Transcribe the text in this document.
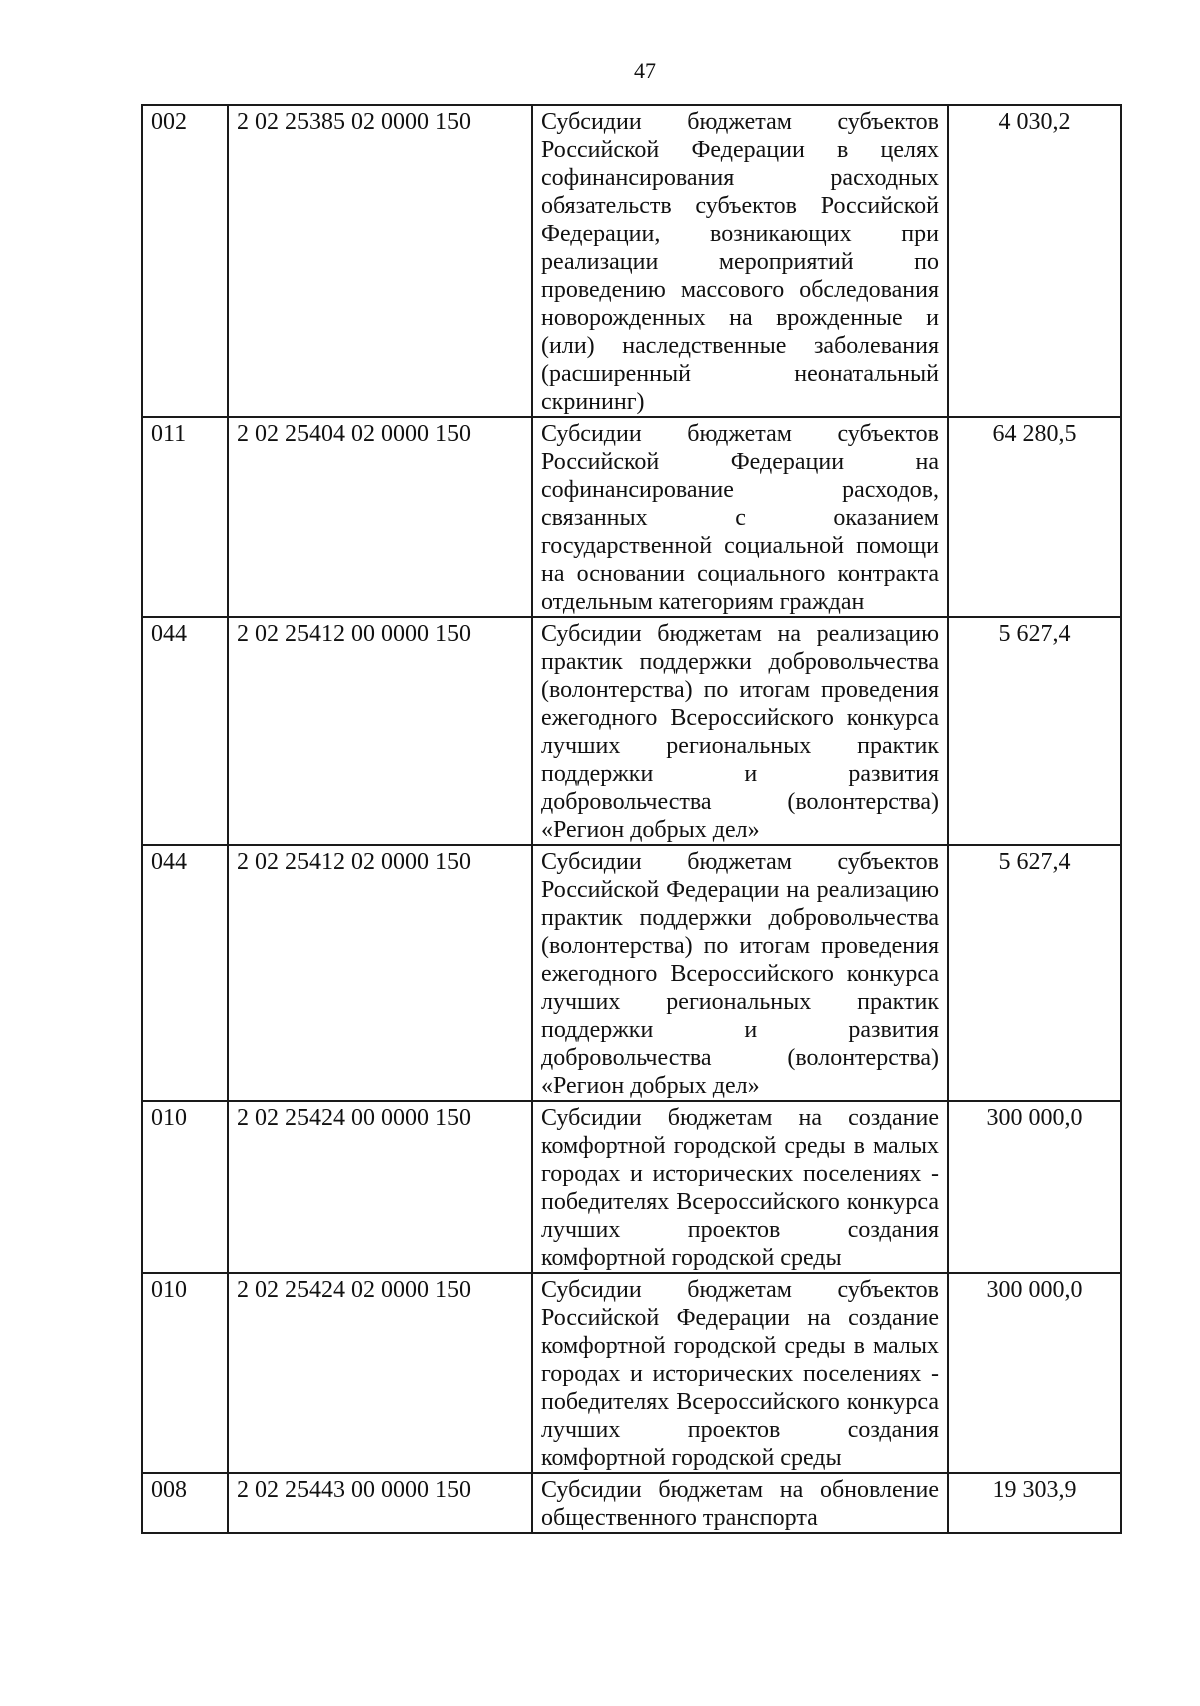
47
002	2 02 25385 02 0000 150	Субсидии бюджетам субъектов Российской Федерации в целях софинансирования расходных обязательств субъектов Российской Федерации, возникающих при реализации мероприятий по проведению массового обследования новорожденных на врожденные и (или) наследственные заболевания (расширенный неонатальный скрининг)	4 030,2
011	2 02 25404 02 0000 150	Субсидии бюджетам субъектов Российской Федерации на софинансирование расходов, связанных с оказанием государственной социальной помощи на основании социального контракта отдельным категориям граждан	64 280,5
044	2 02 25412 00 0000 150	Субсидии бюджетам на реализацию практик поддержки добровольчества (волонтерства) по итогам проведения ежегодного Всероссийского конкурса лучших региональных практик поддержки и развития добровольчества (волонтерства) «Регион добрых дел»	5 627,4
044	2 02 25412 02 0000 150	Субсидии бюджетам субъектов Российской Федерации на реализацию практик поддержки добровольчества (волонтерства) по итогам проведения ежегодного Всероссийского конкурса лучших региональных практик поддержки и развития добровольчества (волонтерства) «Регион добрых дел»	5 627,4
010	2 02 25424 00 0000 150	Субсидии бюджетам на создание комфортной городской среды в малых городах и исторических поселениях - победителях Всероссийского конкурса лучших проектов создания комфортной городской среды	300 000,0
010	2 02 25424 02 0000 150	Субсидии бюджетам субъектов Российской Федерации на создание комфортной городской среды в малых городах и исторических поселениях - победителях Всероссийского конкурса лучших проектов создания комфортной городской среды	300 000,0
008	2 02 25443 00 0000 150	Субсидии бюджетам на обновление общественного транспорта	19 303,9
